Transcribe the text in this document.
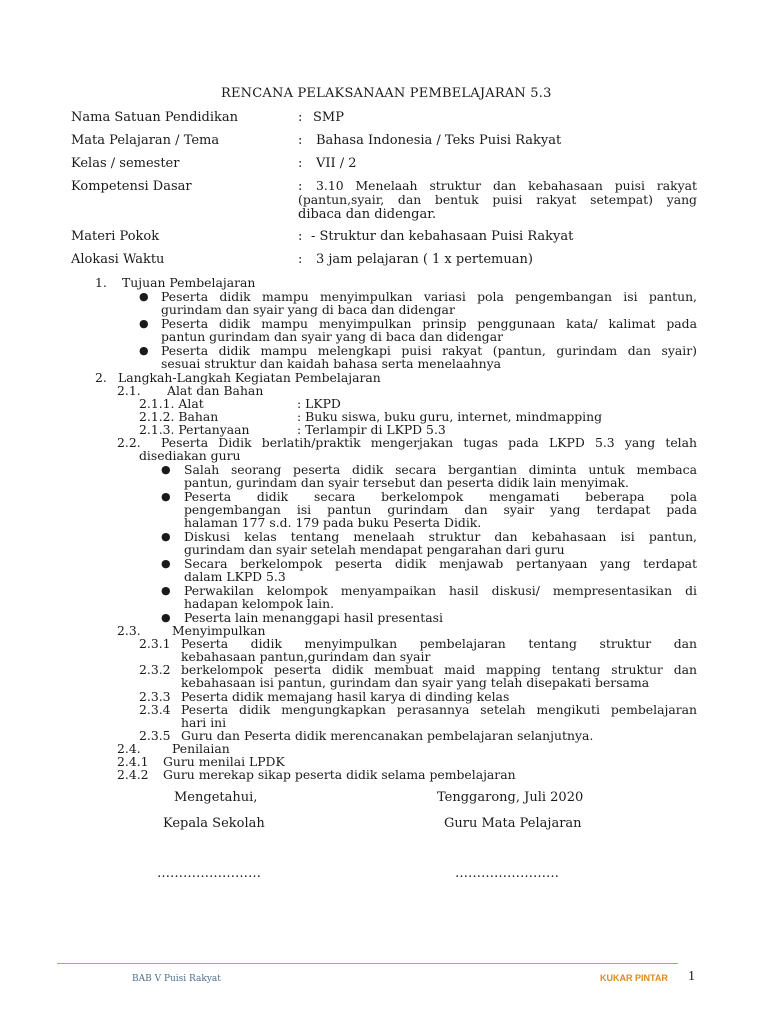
RENCANA PELAKSANAAN PEMBELAJARAN 5.3
Nama Satuan Pendidikan	: SMP
Mata Pelajaran / Tema	: Bahasa Indonesia / Teks Puisi Rakyat
Kelas / semester	: VII / 2
Kompetensi Dasar	: 3.10 Menelaah struktur dan kebahasaan puisi rakyat
(pantun,syair, dan bentuk puisi rakyat setempat) yang
dibaca dan didengar.
Materi Pokok	: - Struktur dan kebahasaan Puisi Rakyat
Alokasi Waktu	: 3 jam pelajaran ( 1 x pertemuan)
1. Tujuan Pembelajaran
● Peserta didik mampu menyimpulkan variasi pola pengembangan isi pantun,
gurindam dan syair yang di baca dan didengar
● Peserta didik mampu menyimpulkan prinsip penggunaan kata/ kalimat pada
pantun gurindam dan syair yang di baca dan didengar
● Peserta didik mampu melengkapi puisi rakyat (pantun, gurindam dan syair)
sesuai struktur dan kaidah bahasa serta menelaahnya
2. Langkah-Langkah Kegiatan Pembelajaran
2.1. Alat dan Bahan
2.1.1. Alat	: LKPD
2.1.2. Bahan	: Buku siswa, buku guru, internet, mindmapping
2.1.3. Pertanyaan	: Terlampir di LKPD 5.3
2.2. Peserta Didik berlatih/praktik mengerjakan tugas pada LKPD 5.3 yang telah
disediakan guru
● Salah seorang peserta didik secara bergantian diminta untuk membaca
pantun, gurindam dan syair tersebut dan peserta didik lain menyimak.
● Peserta didik secara berkelompok mengamati beberapa pola
pengembangan isi pantun gurindam dan syair yang terdapat pada
halaman 177 s.d. 179 pada buku Peserta Didik.
● Diskusi kelas tentang menelaah struktur dan kebahasaan isi pantun,
gurindam dan syair setelah mendapat pengarahan dari guru
● Secara berkelompok peserta didik menjawab pertanyaan yang terdapat
dalam LKPD 5.3
● Perwakilan kelompok menyampaikan hasil diskusi/ mempresentasikan di
hadapan kelompok lain.
● Peserta lain menanggapi hasil presentasi
2.3.	Menyimpulkan
2.3.1 Peserta didik menyimpulkan pembelajaran tentang struktur dan
kebahasaan pantun,gurindam dan syair
2.3.2 berkelompok peserta didik membuat maid mapping tentang struktur dan
kebahasaan isi pantun, gurindam dan syair yang telah disepakati bersama
2.3.3 Peserta didik memajang hasil karya di dinding kelas
2.3.4 Peserta didik mengungkapkan perasannya setelah mengikuti pembelajaran
hari ini
2.3.5 Guru dan Peserta didik merencanakan pembelajaran selanjutnya.
2.4.	Penilaian
2.4.1 Guru menilai LPDK
2.4.2 Guru merekap sikap peserta didik selama pembelajaran
Mengetahui,	Tenggarong, Juli 2020
Kepala Sekolah	Guru Mata Pelajaran
……………………	……………………
BAB V Puisi Rakyat	KUKAR PINTAR 1
